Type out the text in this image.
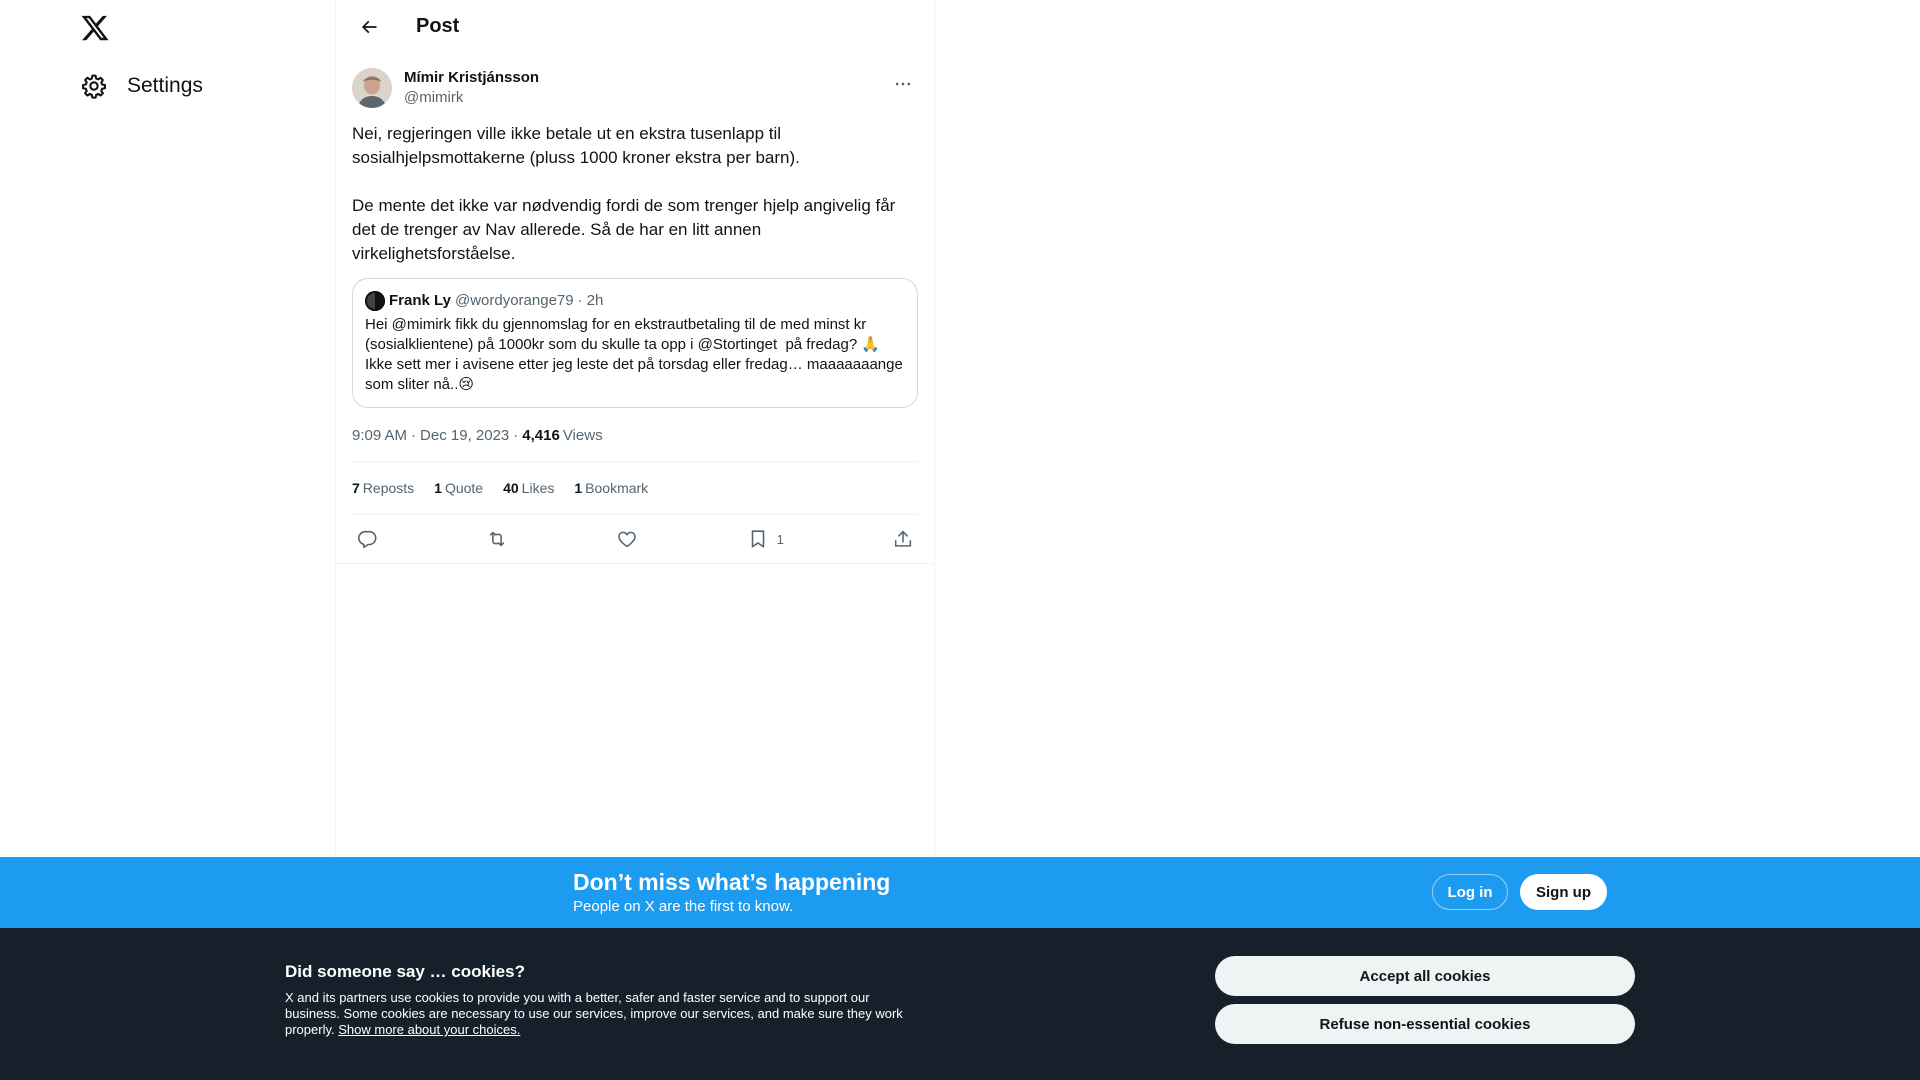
Settings
Post
Mímir Kristjánsson
@mimirk
Nei, regjeringen ville ikke betale ut en ekstra tusenlapp til sosialhjelpsmottakerne (pluss 1000 kroner ekstra per barn).

De mente det ikke var nødvendig fordi de som trenger hjelp angivelig får det de trenger av Nav allerede. Så de har en litt annen virkelighetsforståelse.
Frank Ly @wordyorange79 · 2h
Hei @mimirk fikk du gjennomslag for en ekstrautbetaling til de med minst kr (sosialklientene) på 1000kr som du skulle ta opp i @Stortinget  på fredag? 🙏
Ikke sett mer i avisene etter jeg leste det på torsdag eller fredag… maaaaaaange som sliter nå..😢
9:09 AM · Dec 19, 2023 · 4,416 Views
7 Reposts 1 Quote 40 Likes 1 Bookmark
1
Don’t miss what’s happening
People on X are the first to know.
Log in	Sign up
Did someone say … cookies?
X and its partners use cookies to provide you with a better, safer and faster service and to support our business. Some cookies are necessary to use our services, improve our services, and make sure they work properly. Show more about your choices.
Accept all cookies
Refuse non-essential cookies
